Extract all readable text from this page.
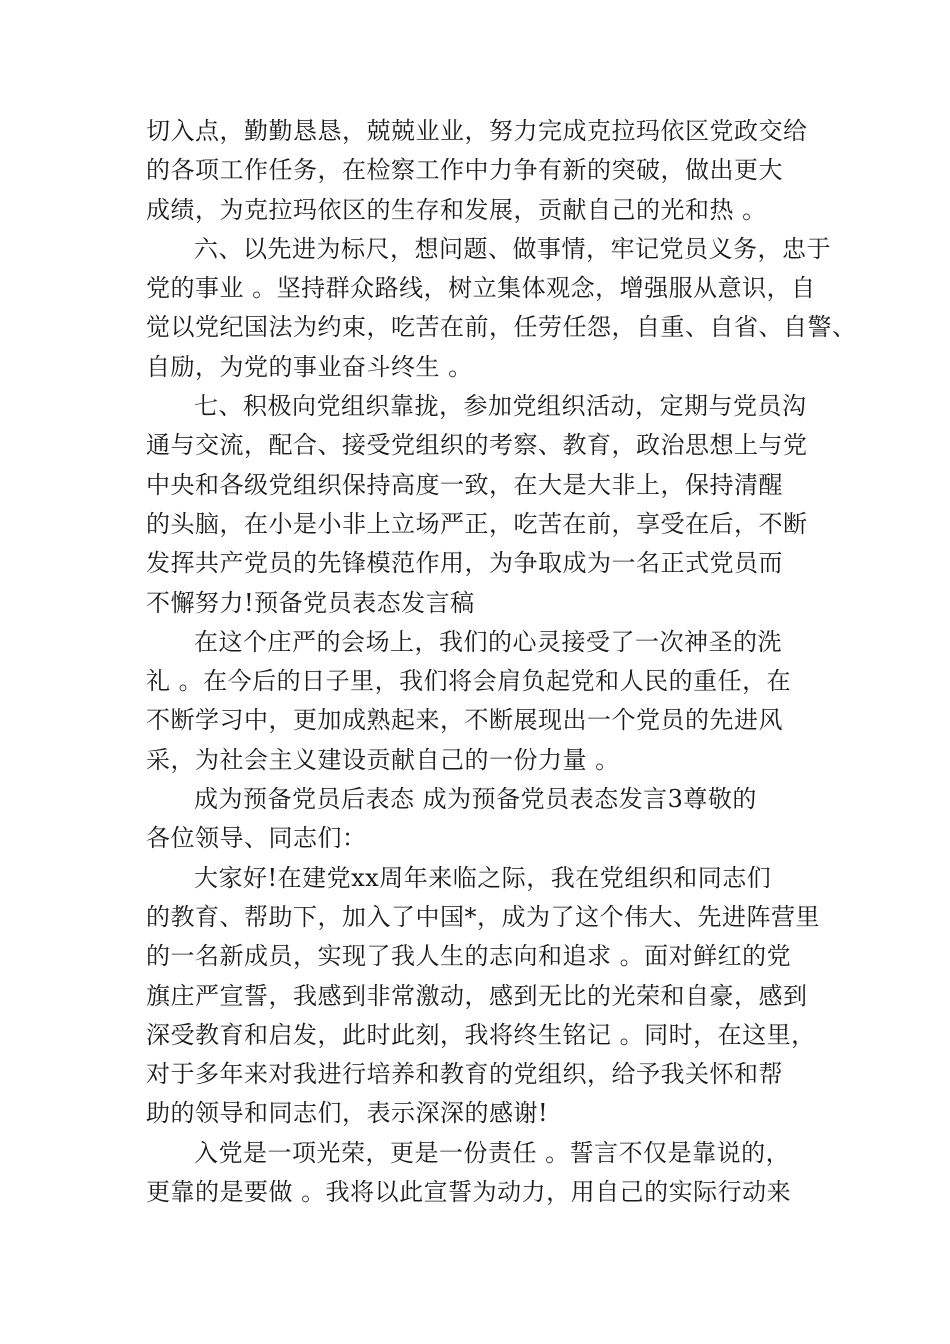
切入点，勤勤恳恳，兢兢业业，努力完成克拉玛依区党政交给
的各项工作任务，在检察工作中力争有新的突破，做出更大
成绩，为克拉玛依区的生存和发展，贡献自己的光和热 。
六、以先进为标尺，想问题、做事情，牢记党员义务，忠于
党的事业 。坚持群众路线，树立集体观念，增强服从意识，自
觉以党纪国法为约束，吃苦在前，任劳任怨，自重、自省、自警、
自励，为党的事业奋斗终生 。
七、积极向党组织靠拢，参加党组织活动，定期与党员沟
通与交流，配合、接受党组织的考察、教育，政治思想上与党
中央和各级党组织保持高度一致，在大是大非上，保持清醒
的头脑，在小是小非上立场严正，吃苦在前，享受在后，不断
发挥共产党员的先锋模范作用，为争取成为一名正式党员而
不懈努力!预备党员表态发言稿
在这个庄严的会场上，我们的心灵接受了一次神圣的洗
礼 。在今后的日子里，我们将会肩负起党和人民的重任，在
不断学习中，更加成熟起来，不断展现出一个党员的先进风
采，为社会主义建设贡献自己的一份力量 。
成为预备党员后表态 成为预备党员表态发言3尊敬的
各位领导、同志们：
大家好!在建党xx周年来临之际，我在党组织和同志们
的教育、帮助下，加入了中国*，成为了这个伟大、先进阵营里
的一名新成员，实现了我人生的志向和追求 。面对鲜红的党
旗庄严宣誓，我感到非常激动，感到无比的光荣和自豪，感到
深受教育和启发，此时此刻，我将终生铭记 。同时，在这里，
对于多年来对我进行培养和教育的党组织，给予我关怀和帮
助的领导和同志们，表示深深的感谢!
入党是一项光荣，更是一份责任 。誓言不仅是靠说的，
更靠的是要做 。我将以此宣誓为动力，用自己的实际行动来
